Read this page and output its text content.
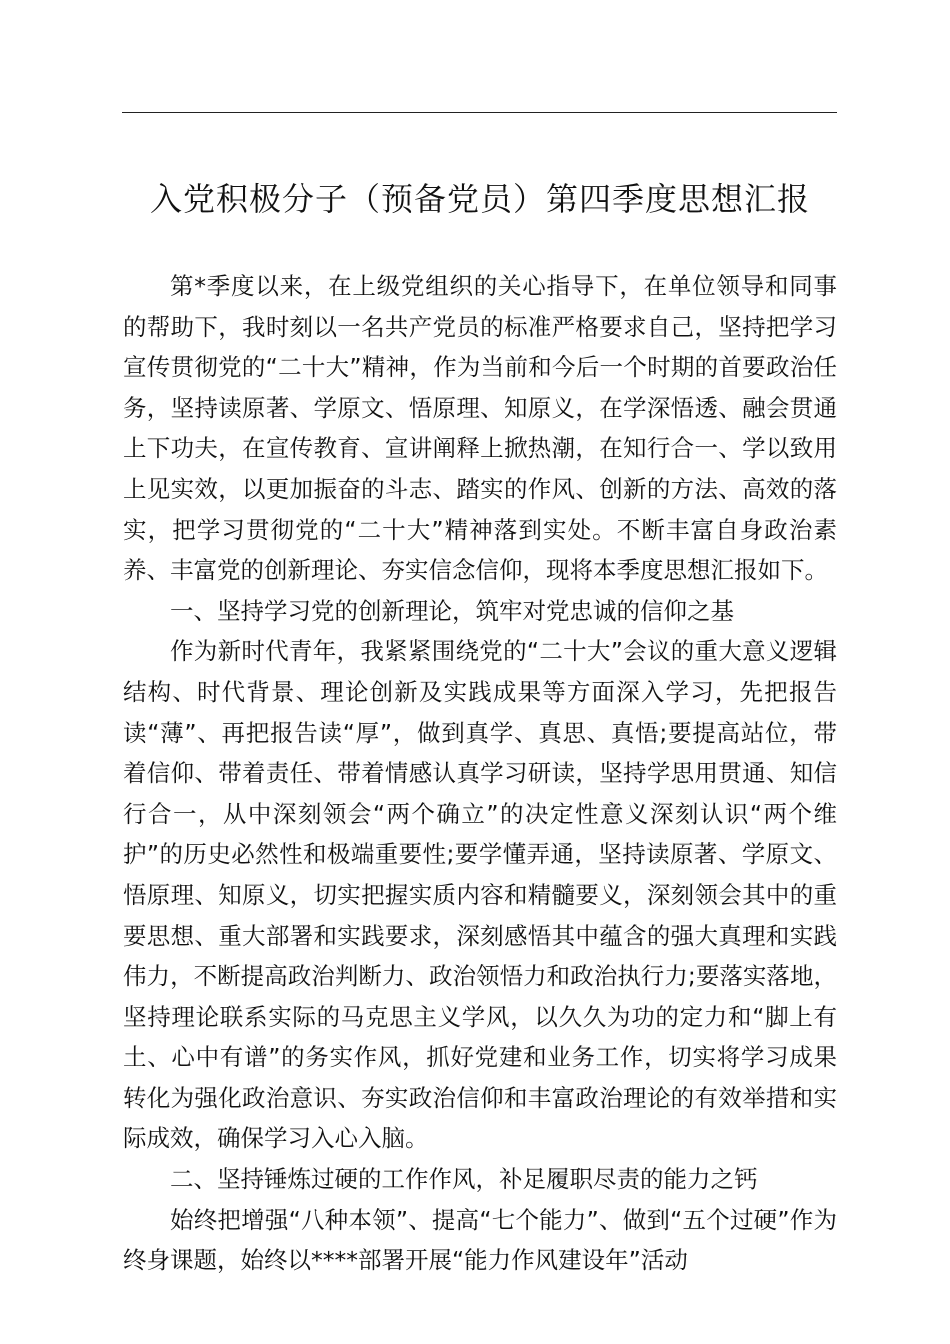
入党积极分子（预备党员）第四季度思想汇报

第*季度以来，在上级党组织的关心指导下，在单位领导和同事的帮助下，我时刻以一名共产党员的标准严格要求自己，坚持把学习宣传贯彻党的“二十大”精神，作为当前和今后一个时期的首要政治任务，坚持读原著、学原文、悟原理、知原义，在学深悟透、融会贯通上下功夫，在宣传教育、宣讲阐释上掀热潮，在知行合一、学以致用上见实效，以更加振奋的斗志、踏实的作风、创新的方法、高效的落实，把学习贯彻党的“二十大”精神落到实处。不断丰富自身政治素养、丰富党的创新理论、夯实信念信仰，现将本季度思想汇报如下。

一、坚持学习党的创新理论，筑牢对党忠诚的信仰之基

作为新时代青年，我紧紧围绕党的“二十大”会议的重大意义逻辑结构、时代背景、理论创新及实践成果等方面深入学习，先把报告读“薄”、再把报告读“厚”，做到真学、真思、真悟;要提高站位，带着信仰、带着责任、带着情感认真学习研读，坚持学思用贯通、知信行合一，从中深刻领会“两个确立”的决定性意义深刻认识“两个维护”的历史必然性和极端重要性;要学懂弄通，坚持读原著、学原文、悟原理、知原义，切实把握实质内容和精髓要义，深刻领会其中的重要思想、重大部署和实践要求，深刻感悟其中蕴含的强大真理和实践伟力，不断提高政治判断力、政治领悟力和政治执行力;要落实落地，坚持理论联系实际的马克思主义学风，以久久为功的定力和“脚上有土、心中有谱”的务实作风，抓好党建和业务工作，切实将学习成果转化为强化政治意识、夯实政治信仰和丰富政治理论的有效举措和实际成效，确保学习入心入脑。

二、坚持锤炼过硬的工作作风，补足履职尽责的能力之钙

始终把增强“八种本领”、提高“七个能力”、做到“五个过硬”作为终身课题，始终以****部署开展“能力作风建设年”活动
